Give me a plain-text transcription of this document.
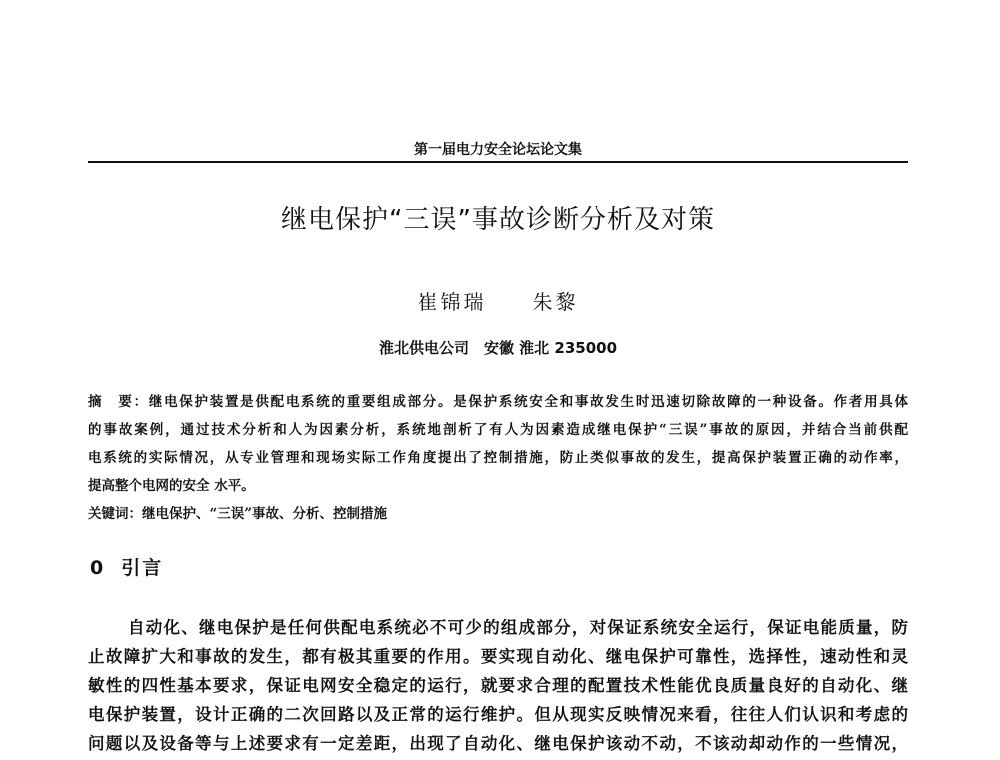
第一届电力安全论坛论文集
继电保护“三误”事故诊断分析及对策
崔锦瑞　　朱黎
淮北供电公司　安徽 淮北 235000
摘　要：继电保护装置是供配电系统的重要组成部分。是保护系统安全和事故发生时迅速切除故障的一种设备。作者用具体
的事故案例，通过技术分析和人为因素分析，系统地剖析了有人为因素造成继电保护“三误”事故的原因，并结合当前供配
电系统的实际情况，从专业管理和现场实际工作角度提出了控制措施，防止类似事故的发生，提高保护装置正确的动作率，
提高整个电网的安全 水平。
关键词：继电保护、“三误”事故、分析、控制措施
0 引言
自动化、继电保护是任何供配电系统必不可少的组成部分，对保证系统安全运行，保证电能质量，防
止故障扩大和事故的发生，都有极其重要的作用。要实现自动化、继电保护可靠性，选择性，速动性和灵
敏性的四性基本要求，保证电网安全稳定的运行，就要求合理的配置技术性能优良质量良好的自动化、继
电保护装置，设计正确的二次回路以及正常的运行维护。但从现实反映情况来看，往往人们认识和考虑的
问题以及设备等与上述要求有一定差距，出现了自动化、继电保护该动不动，不该动却动作的一些情况，
